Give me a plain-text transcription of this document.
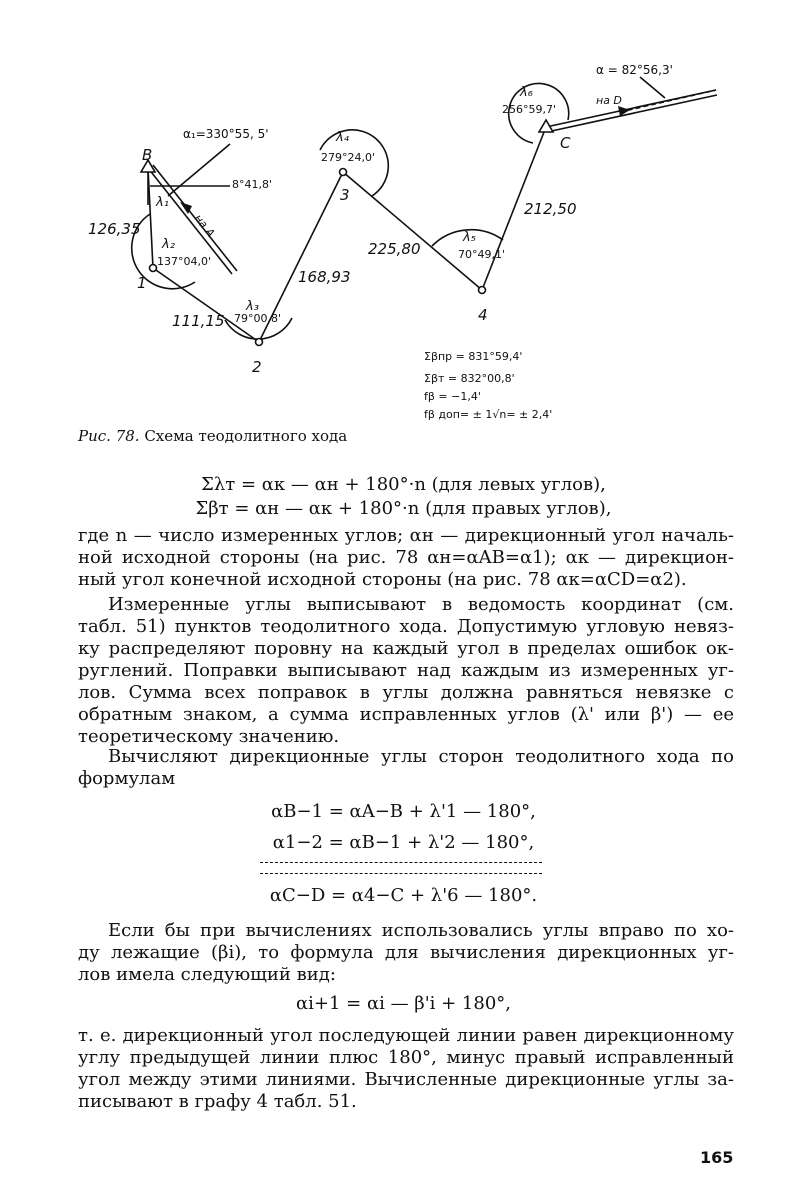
B
1
2
3
4
C
126,35
111,15
168,93
225,80
212,50
λ₁
λ₂
137°04,0'
λ₃
79°00,8'
λ₄
279°24,0'
λ₅
70°49,1'
λ₆
256°59,7'
α₁=330°55, 5'
8°41,8'
на A
на D
α = 82°56,3'
Σβпр = 831°59,4'
Σβт = 832°00,8'
fβ = −1,4'
fβ доп= ± 1√n= ± 2,4'
Рис. 78. Схема теодолитного хода
Σλт = αк — αн + 180°·n (для левых углов),
Σβт = αн — αк + 180°·n (для правых углов),
где n — число измеренных углов; αн — дирекционный угол началь-
ной исходной стороны (на рис. 78 αн=αAB=α1); αк — дирекцион-
ный угол конечной исходной стороны (на рис. 78 αк=αCD=α2).
Измеренные углы выписывают в ведомость координат (см.
табл. 51) пунктов теодолитного хода. Допустимую угловую невяз-
ку распределяют поровну на каждый угол в пределах ошибок ок-
руглений. Поправки выписывают над каждым из измеренных уг-
лов. Сумма всех поправок в углы должна равняться невязке с
обратным знаком, а сумма исправленных углов (λ' или β') — ее
теоретическому значению.
Вычисляют дирекционные углы сторон теодолитного хода по
формулам
αB−1 = αA−B + λ'1 — 180°,
α1−2 = αB−1 + λ'2 — 180°,
αC−D = α4−C + λ'6 — 180°.
Если бы при вычислениях использовались углы вправо по хо-
ду лежащие (βi), то формула для вычисления дирекционных уг-
лов имела следующий вид:
αi+1 = αi — β'i + 180°,
т. е. дирекционный угол последующей линии равен дирекционному
углу предыдущей линии плюс 180°, минус правый исправленный
угол между этими линиями. Вычисленные дирекционные углы за-
писывают в графу 4 табл. 51.
165
